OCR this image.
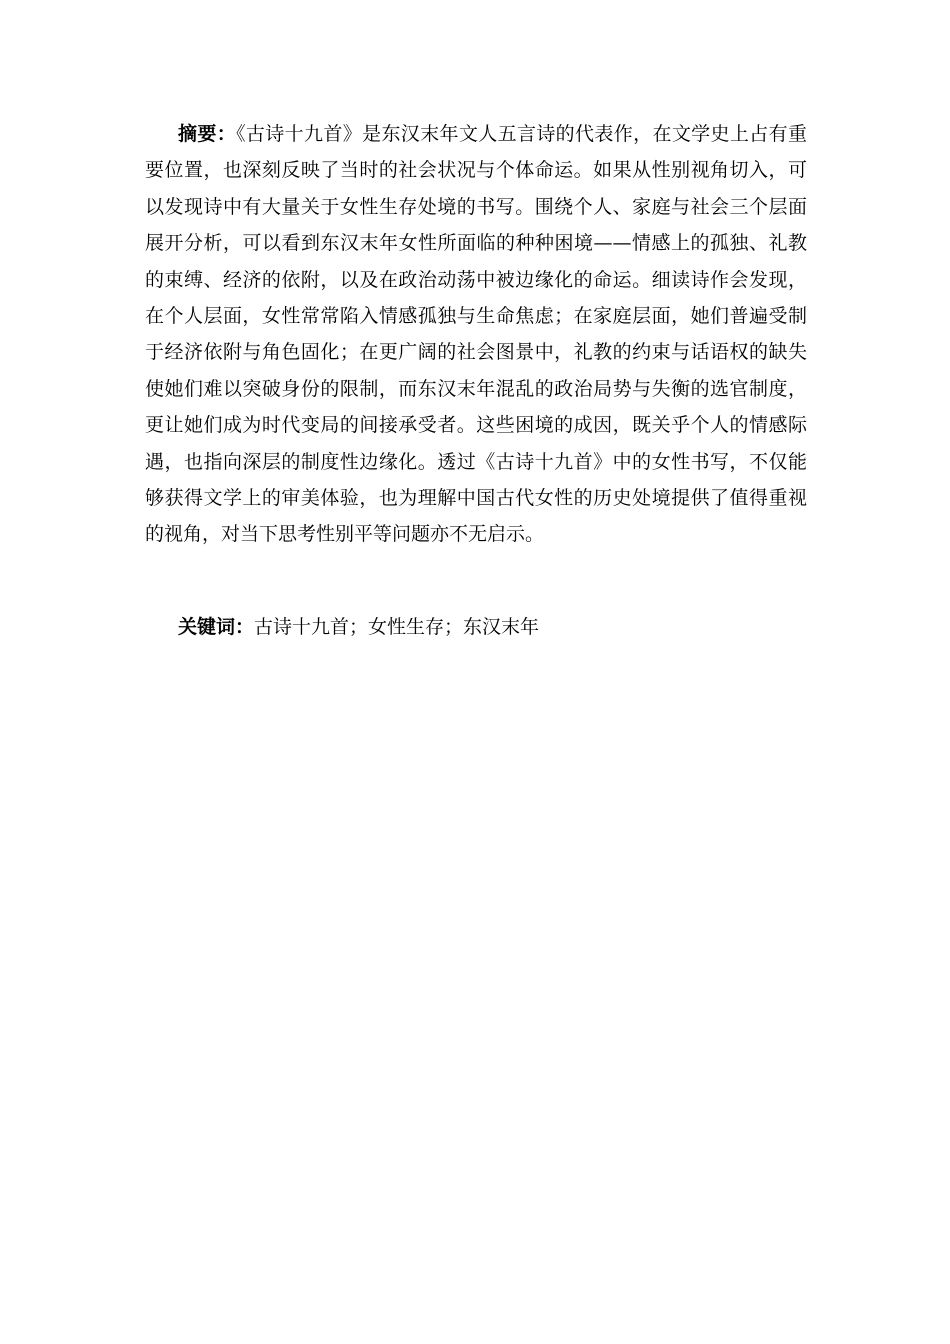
摘要：《古诗十九首》是东汉末年文人五言诗的代表作，在文学史上占有重要位置，也深刻反映了当时的社会状况与个体命运。如果从性别视角切入，可以发现诗中有大量关于女性生存处境的书写。围绕个人、家庭与社会三个层面展开分析，可以看到东汉末年女性所面临的种种困境——情感上的孤独、礼教的束缚、经济的依附，以及在政治动荡中被边缘化的命运。细读诗作会发现，在个人层面，女性常常陷入情感孤独与生命焦虑；在家庭层面，她们普遍受制于经济依附与角色固化；在更广阔的社会图景中，礼教的约束与话语权的缺失使她们难以突破身份的限制，而东汉末年混乱的政治局势与失衡的选官制度，更让她们成为时代变局的间接承受者。这些困境的成因，既关乎个人的情感际遇，也指向深层的制度性边缘化。透过《古诗十九首》中的女性书写，不仅能够获得文学上的审美体验，也为理解中国古代女性的历史处境提供了值得重视的视角，对当下思考性别平等问题亦不无启示。

关键词：古诗十九首；女性生存；东汉末年
